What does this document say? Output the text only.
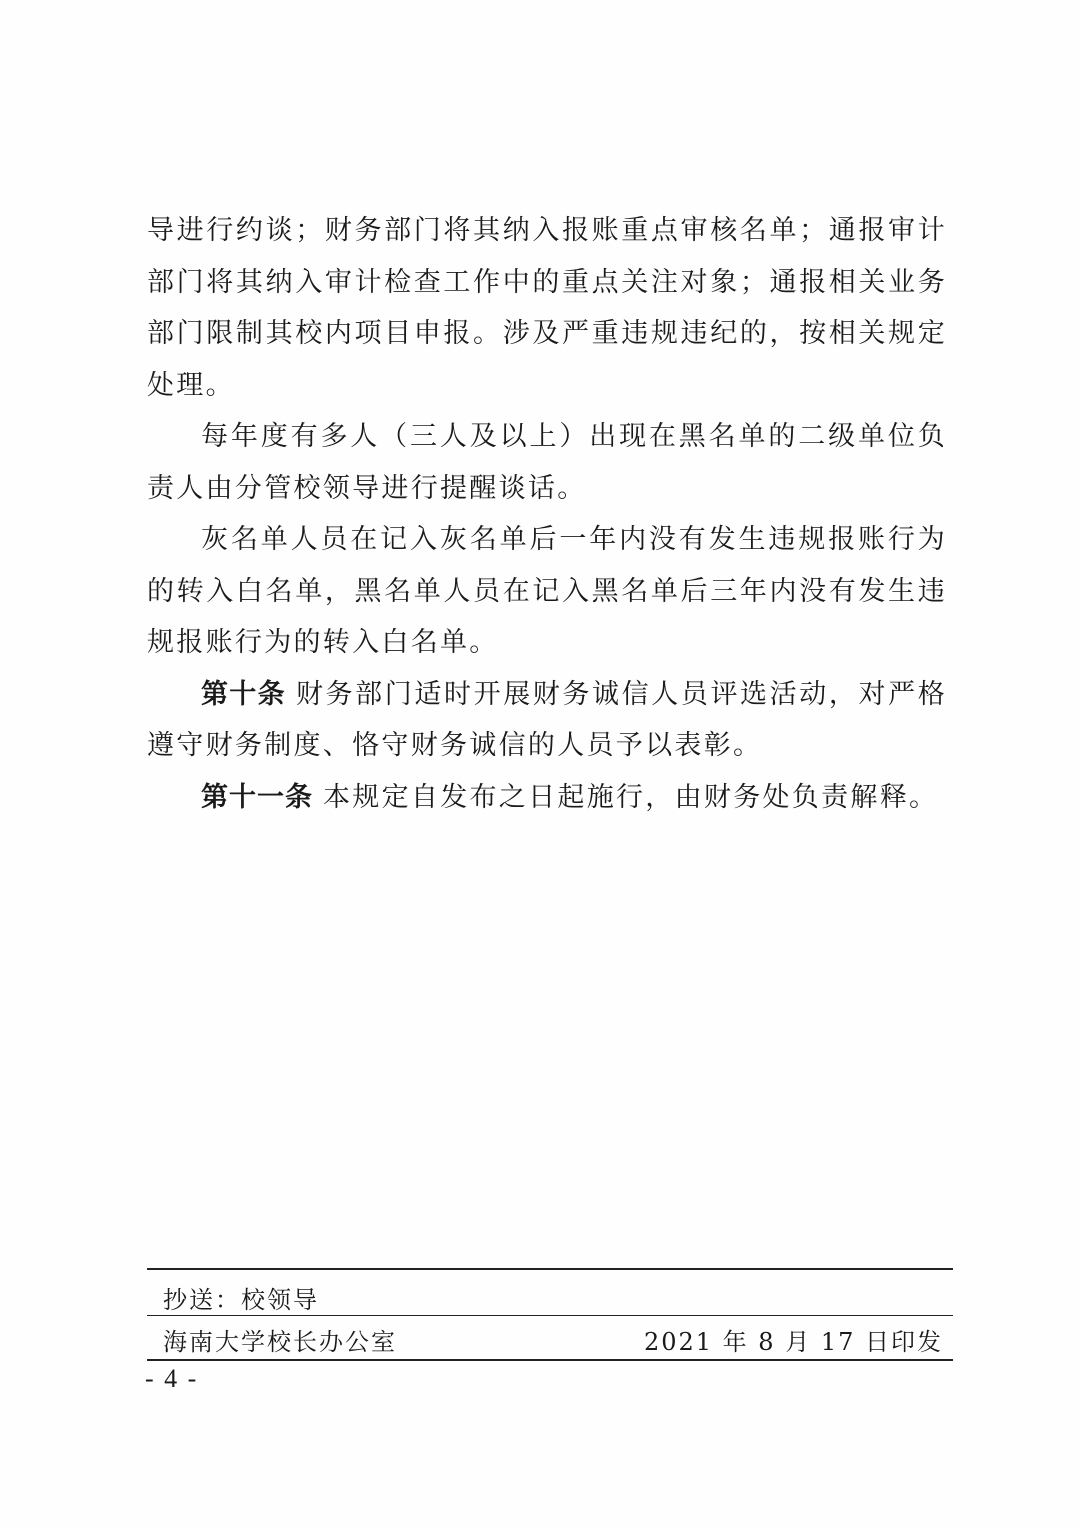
导进行约谈；财务部门将其纳入报账重点审核名单；通报审计部门将其纳入审计检查工作中的重点关注对象；通报相关业务部门限制其校内项目申报。涉及严重违规违纪的，按相关规定处理。

每年度有多人（三人及以上）出现在黑名单的二级单位负责人由分管校领导进行提醒谈话。

灰名单人员在记入灰名单后一年内没有发生违规报账行为的转入白名单，黑名单人员在记入黑名单后三年内没有发生违规报账行为的转入白名单。

第十条 财务部门适时开展财务诚信人员评选活动，对严格遵守财务制度、恪守财务诚信的人员予以表彰。

第十一条 本规定自发布之日起施行，由财务处负责解释。

抄送：校领导
海南大学校长办公室	2021 年 8 月 17 日印发
- 4 -
